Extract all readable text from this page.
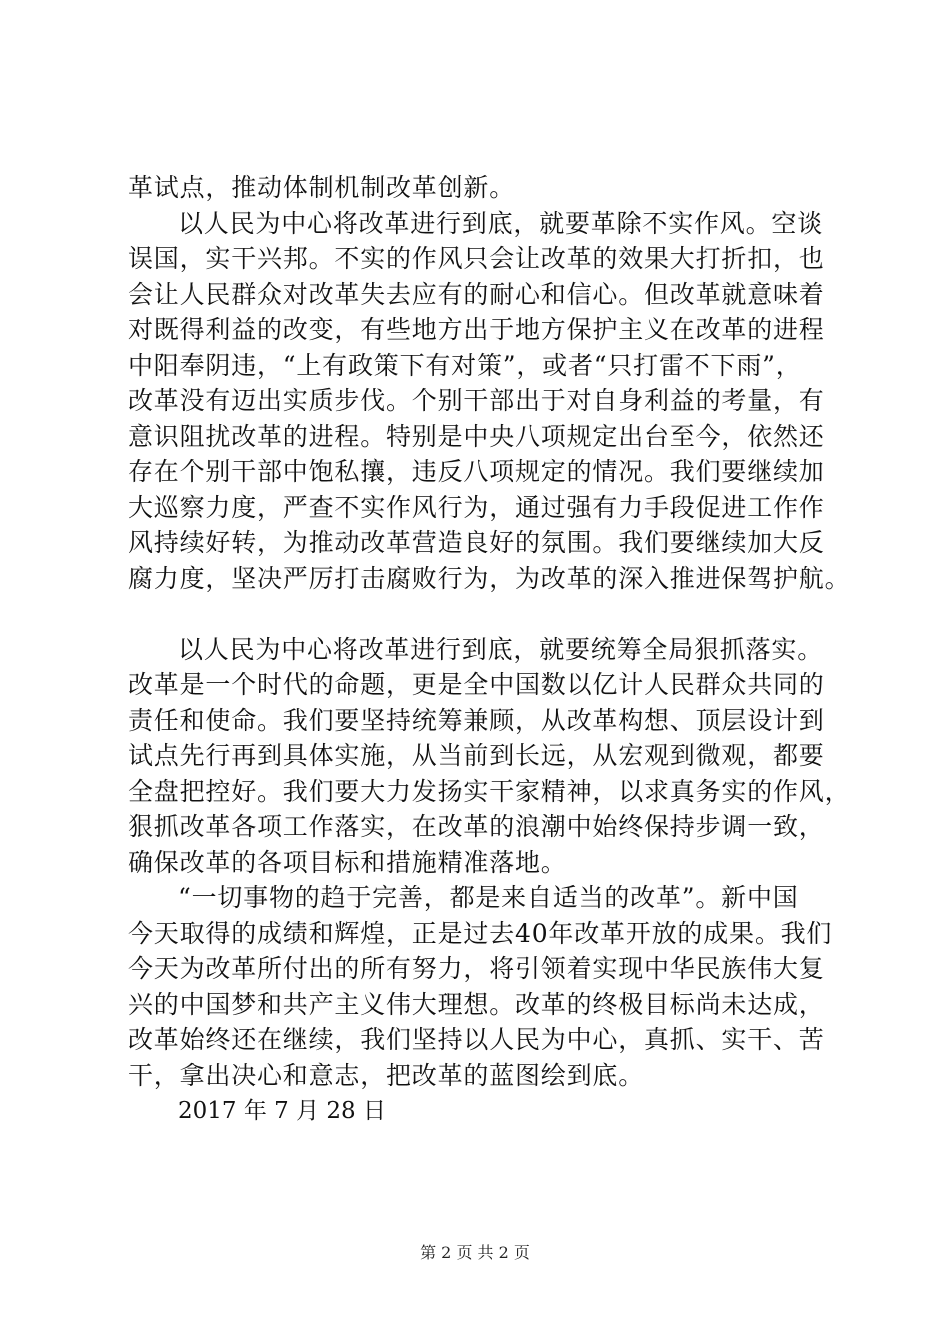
革试点，推动体制机制改革创新。
以人民为中心将改革进行到底，就要革除不实作风。空谈
误国，实干兴邦。不实的作风只会让改革的效果大打折扣，也
会让人民群众对改革失去应有的耐心和信心。但改革就意味着
对既得利益的改变，有些地方出于地方保护主义在改革的进程
中阳奉阴违，“上有政策下有对策”，或者“只打雷不下雨”，
改革没有迈出实质步伐。个别干部出于对自身利益的考量，有
意识阻扰改革的进程。特别是中央八项规定出台至今，依然还
存在个别干部中饱私攘，违反八项规定的情况。我们要继续加
大巡察力度，严查不实作风行为，通过强有力手段促进工作作
风持续好转，为推动改革营造良好的氛围。我们要继续加大反
腐力度，坚决严厉打击腐败行为，为改革的深入推进保驾护航。
以人民为中心将改革进行到底，就要统筹全局狠抓落实。
改革是一个时代的命题，更是全中国数以亿计人民群众共同的
责任和使命。我们要坚持统筹兼顾，从改革构想、顶层设计到
试点先行再到具体实施，从当前到长远，从宏观到微观，都要
全盘把控好。我们要大力发扬实干家精神，以求真务实的作风，
狠抓改革各项工作落实，在改革的浪潮中始终保持步调一致，
确保改革的各项目标和措施精准落地。
“一切事物的趋于完善，都是来自适当的改革”。新中国
今天取得的成绩和辉煌，正是过去40年改革开放的成果。我们
今天为改革所付出的所有努力，将引领着实现中华民族伟大复
兴的中国梦和共产主义伟大理想。改革的终极目标尚未达成，
改革始终还在继续，我们坚持以人民为中心，真抓、实干、苦
干，拿出决心和意志，把改革的蓝图绘到底。
2017 年 7 月 28 日
第 2 页 共 2 页
